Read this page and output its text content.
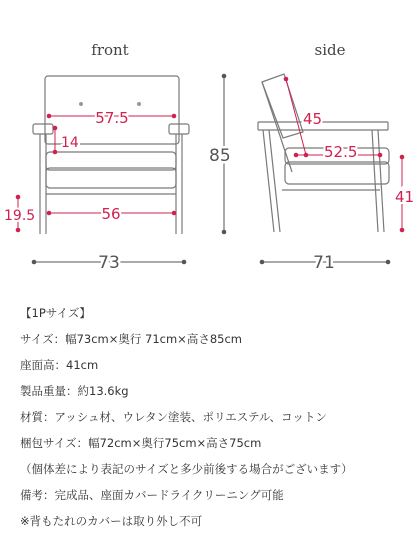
front	side
57.5
14
19.5	56
73
85
45
52.5
41
71
【1Pサイズ】
サイズ：幅73cm×奥行 71cm×高さ85cm
座面高：41cm
製品重量：約13.6kg
材質：アッシュ材、ウレタン塗装、ポリエステル、コットン
梱包サイズ：幅72cm×奥行75cm×高さ75cm
（個体差により表記のサイズと多少前後する場合がございます）
備考：完成品、座面カバードライクリーニング可能
※背もたれのカバーは取り外し不可
